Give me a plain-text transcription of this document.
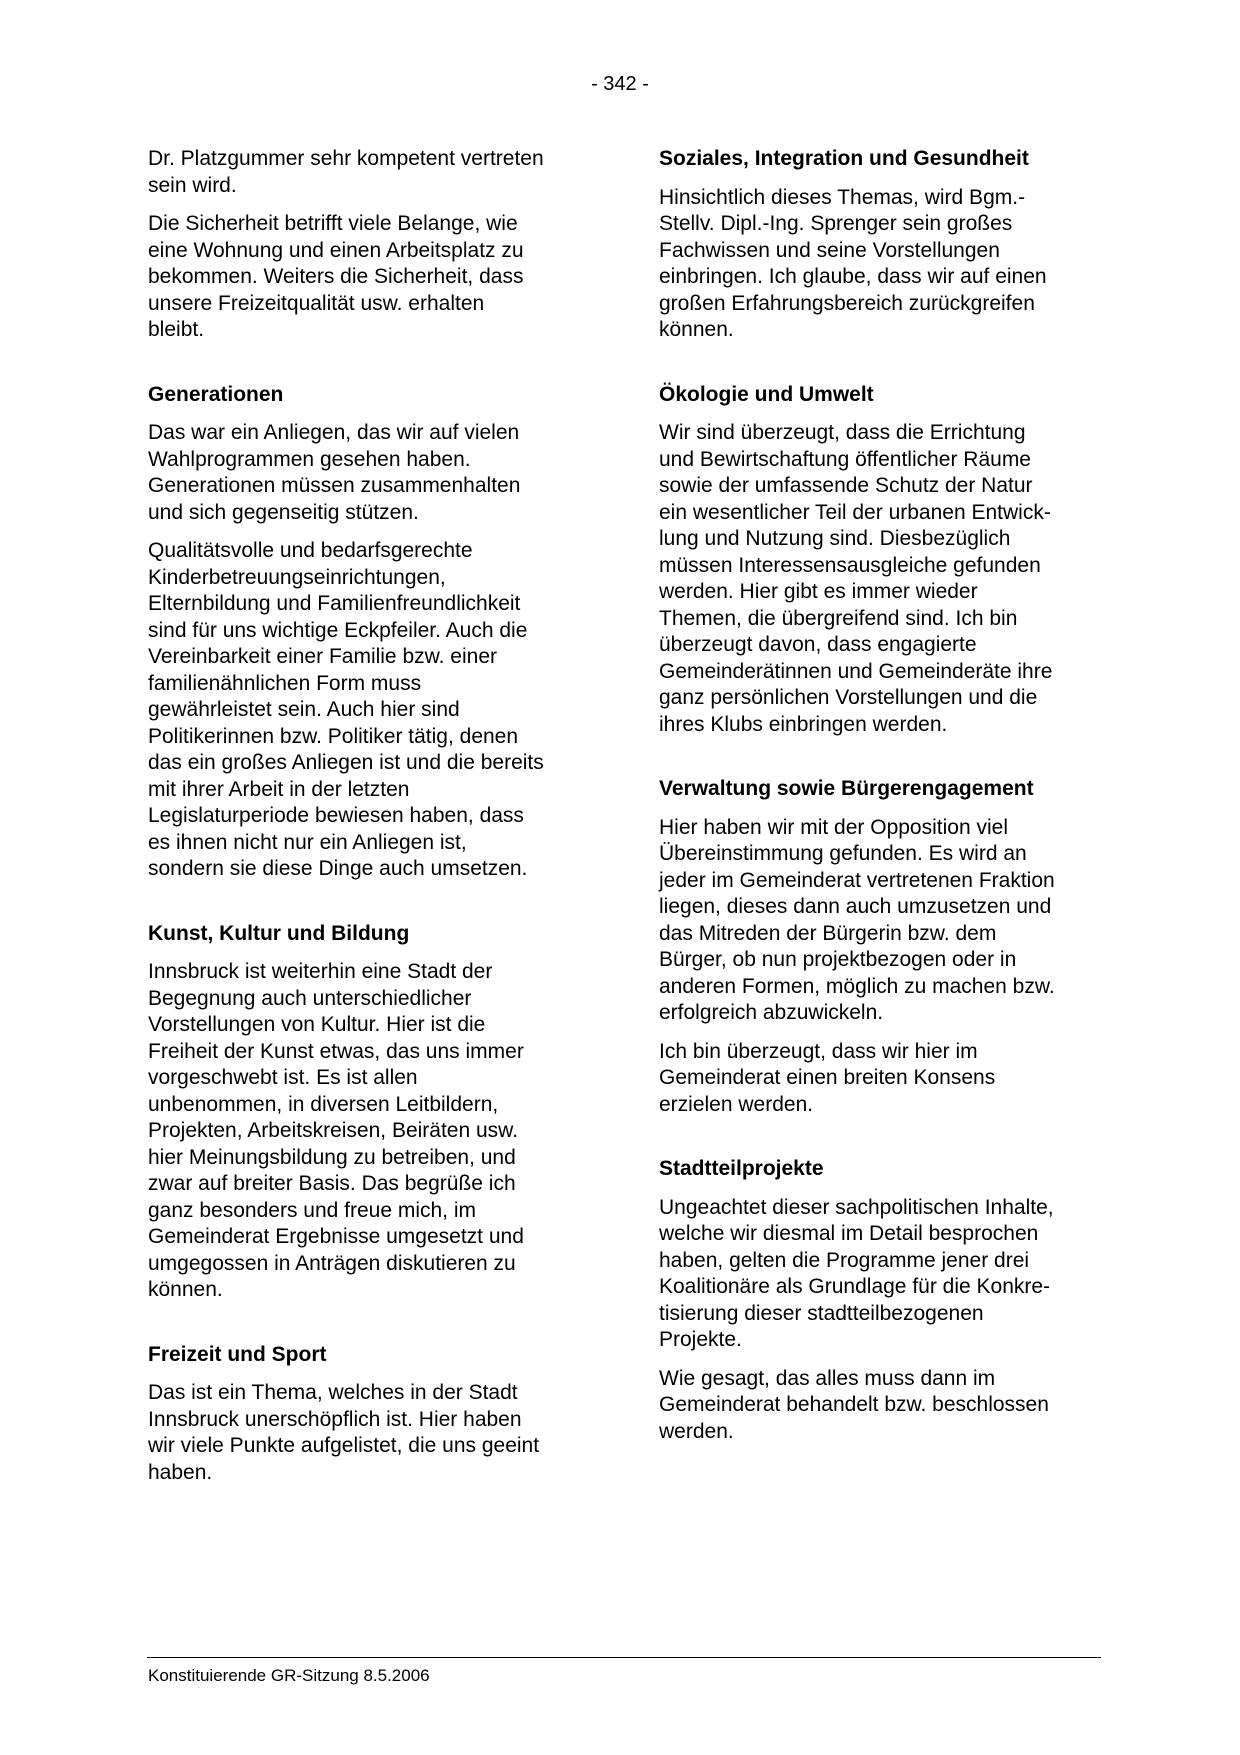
- 342 -

Dr. Platzgummer sehr kompetent vertreten
sein wird.

Die Sicherheit betrifft viele Belange, wie
eine Wohnung und einen Arbeitsplatz zu
bekommen. Weiters die Sicherheit, dass
unsere Freizeitqualität usw. erhalten
bleibt.

Generationen

Das war ein Anliegen, das wir auf vielen
Wahlprogrammen gesehen haben.
Generationen müssen zusammenhalten
und sich gegenseitig stützen.

Qualitätsvolle und bedarfsgerechte
Kinderbetreuungseinrichtungen,
Elternbildung und Familienfreundlichkeit
sind für uns wichtige Eckpfeiler. Auch die
Vereinbarkeit einer Familie bzw. einer
familienähnlichen Form muss
gewährleistet sein. Auch hier sind
Politikerinnen bzw. Politiker tätig, denen
das ein großes Anliegen ist und die bereits
mit ihrer Arbeit in der letzten
Legislaturperiode bewiesen haben, dass
es ihnen nicht nur ein Anliegen ist,
sondern sie diese Dinge auch umsetzen.

Kunst, Kultur und Bildung

Innsbruck ist weiterhin eine Stadt der
Begegnung auch unterschiedlicher
Vorstellungen von Kultur. Hier ist die
Freiheit der Kunst etwas, das uns immer
vorgeschwebt ist. Es ist allen
unbenommen, in diversen Leitbildern,
Projekten, Arbeitskreisen, Beiräten usw.
hier Meinungsbildung zu betreiben, und
zwar auf breiter Basis. Das begrüße ich
ganz besonders und freue mich, im
Gemeinderat Ergebnisse umgesetzt und
umgegossen in Anträgen diskutieren zu
können.

Freizeit und Sport

Das ist ein Thema, welches in der Stadt
Innsbruck unerschöpflich ist. Hier haben
wir viele Punkte aufgelistet, die uns geeint
haben.

Soziales, Integration und Gesundheit

Hinsichtlich dieses Themas, wird Bgm.-
Stellv. Dipl.-Ing. Sprenger sein großes
Fachwissen und seine Vorstellungen
einbringen. Ich glaube, dass wir auf einen
großen Erfahrungsbereich zurückgreifen
können.

Ökologie und Umwelt

Wir sind überzeugt, dass die Errichtung
und Bewirtschaftung öffentlicher Räume
sowie der umfassende Schutz der Natur
ein wesentlicher Teil der urbanen Entwick-
lung und Nutzung sind. Diesbezüglich
müssen Interessensausgleiche gefunden
werden. Hier gibt es immer wieder
Themen, die übergreifend sind. Ich bin
überzeugt davon, dass engagierte
Gemeinderätinnen und Gemeinderäte ihre
ganz persönlichen Vorstellungen und die
ihres Klubs einbringen werden.

Verwaltung sowie Bürgerengagement

Hier haben wir mit der Opposition viel
Übereinstimmung gefunden. Es wird an
jeder im Gemeinderat vertretenen Fraktion
liegen, dieses dann auch umzusetzen und
das Mitreden der Bürgerin bzw. dem
Bürger, ob nun projektbezogen oder in
anderen Formen, möglich zu machen bzw.
erfolgreich abzuwickeln.

Ich bin überzeugt, dass wir hier im
Gemeinderat einen breiten Konsens
erzielen werden.

Stadtteilprojekte

Ungeachtet dieser sachpolitischen Inhalte,
welche wir diesmal im Detail besprochen
haben, gelten die Programme jener drei
Koalitionäre als Grundlage für die Konkre-
tisierung dieser stadtteilbezogenen
Projekte.

Wie gesagt, das alles muss dann im
Gemeinderat behandelt bzw. beschlossen
werden.

Konstituierende GR-Sitzung 8.5.2006
